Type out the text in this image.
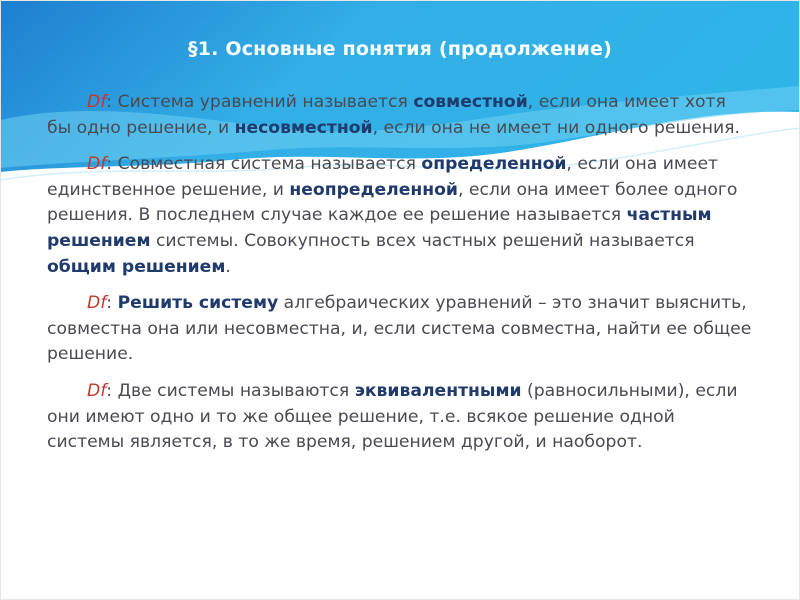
§1. Основные понятия (продолжение)

Df: Система уравнений называется совместной, если она имеет хотя бы одно решение, и несовместной, если она не имеет ни одного решения.

Df: Совместная система называется определенной, если она имеет единственное решение, и неопределенной, если она имеет более одного решения. В последнем случае каждое ее решение называется частным решением системы. Совокупность всех частных решений называется общим решением.

Df: Решить систему алгебраических уравнений – это значит выяснить, совместна она или несовместна, и, если система совместна, найти ее общее решение.

Df: Две системы называются эквивалентными (равносильными), если они имеют одно и то же общее решение, т.е. всякое решение одной системы является, в то же время, решением другой, и наоборот.
